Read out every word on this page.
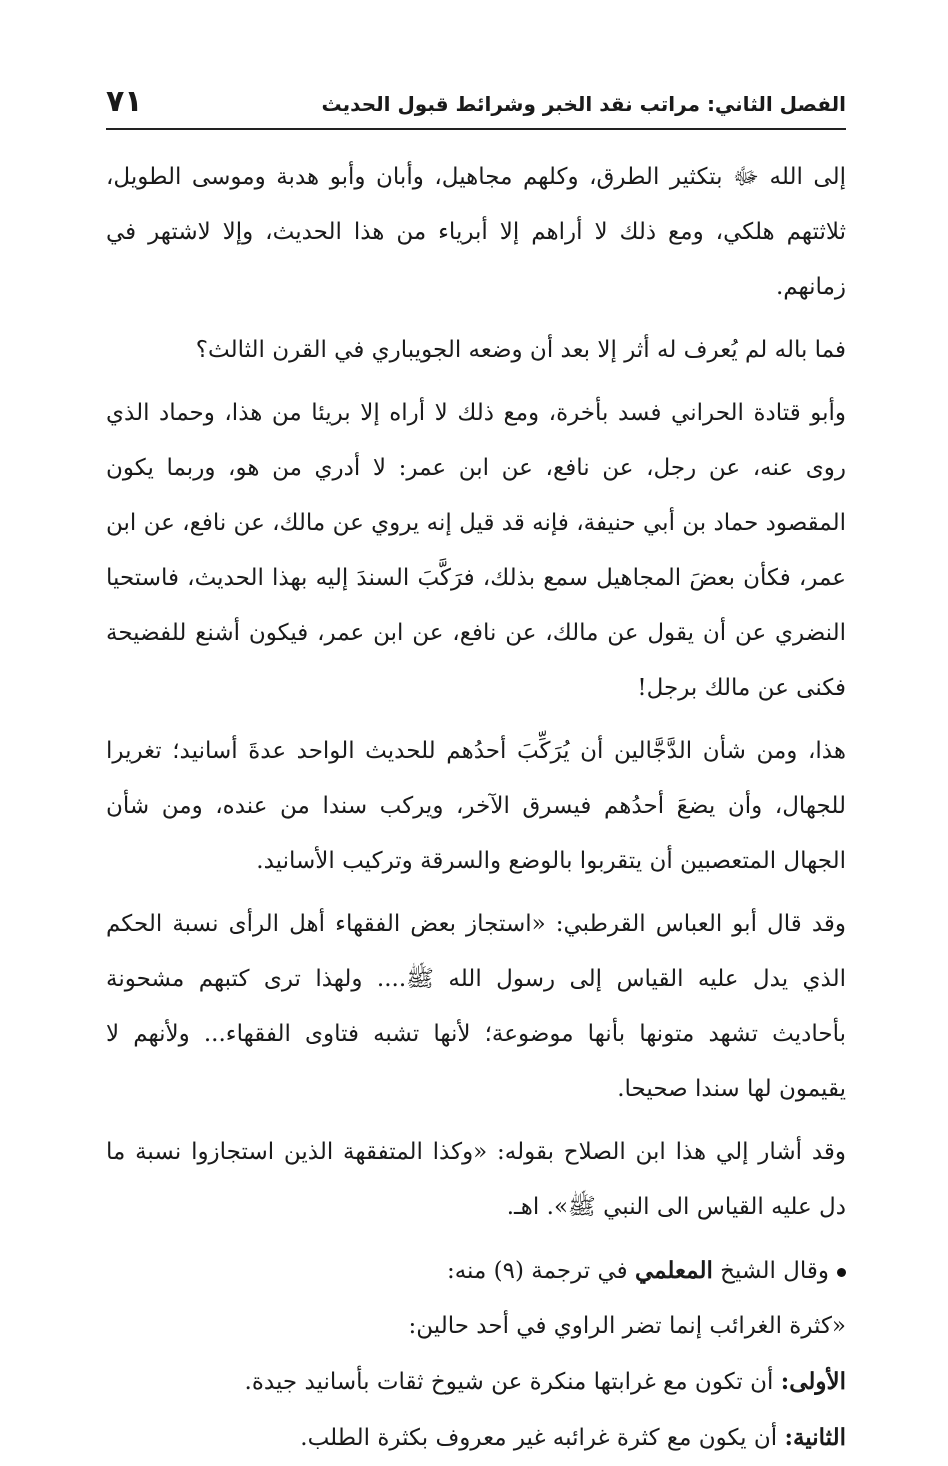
الفصل الثاني: مراتب نقد الخبر وشرائط قبول الحديث
٧١

إلى الله ﷻ بتكثير الطرق، وكلهم مجاهيل، وأبان وأبو هدبة وموسى الطويل، ثلاثتهم هلكي، ومع ذلك لا أراهم إلا أبرياء من هذا الحديث، وإلا لاشتهر في زمانهم.

فما باله لم يُعرف له أثر إلا بعد أن وضعه الجويباري في القرن الثالث؟

وأبو قتادة الحراني فسد بأخرة، ومع ذلك لا أراه إلا بريئا من هذا، وحماد الذي روى عنه، عن رجل، عن نافع، عن ابن عمر: لا أدري من هو، وربما يكون المقصود حماد بن أبي حنيفة، فإنه قد قيل إنه يروي عن مالك، عن نافع، عن ابن عمر، فكأن بعضَ المجاهيل سمع بذلك، فرَكَّبَ السندَ إليه بهذا الحديث، فاستحيا النضري عن أن يقول عن مالك، عن نافع، عن ابن عمر، فيكون أشنع للفضيحة فكنى عن مالك برجل!

هذا، ومن شأن الدَّجَّالين أن يُرَكِّبَ أحدُهم للحديث الواحد عدةَ أسانيد؛ تغريرا للجهال، وأن يضعَ أحدُهم فيسرق الآخر، ويركب سندا من عنده، ومن شأن الجهال المتعصبين أن يتقربوا بالوضع والسرقة وتركيب الأسانيد.

وقد قال أبو العباس القرطبي: «استجاز بعض الفقهاء أهل الرأى نسبة الحكم الذي يدل عليه القياس إلى رسول الله ﷺ.... ولهذا ترى كتبهم مشحونة بأحاديث تشهد متونها بأنها موضوعة؛ لأنها تشبه فتاوى الفقهاء... ولأنهم لا يقيمون لها سندا صحيحا.

وقد أشار إلي هذا ابن الصلاح بقوله: «وكذا المتفقهة الذين استجازوا نسبة ما دل عليه القياس الى النبي ﷺ». اهـ.

وقال الشيخ المعلمي في ترجمة (٩) منه:

«كثرة الغرائب إنما تضر الراوي في أحد حالين:

الأولى: أن تكون مع غرابتها منكرة عن شيوخ ثقات بأسانيد جيدة.

الثانية: أن يكون مع كثرة غرائبه غير معروف بكثرة الطلب.
